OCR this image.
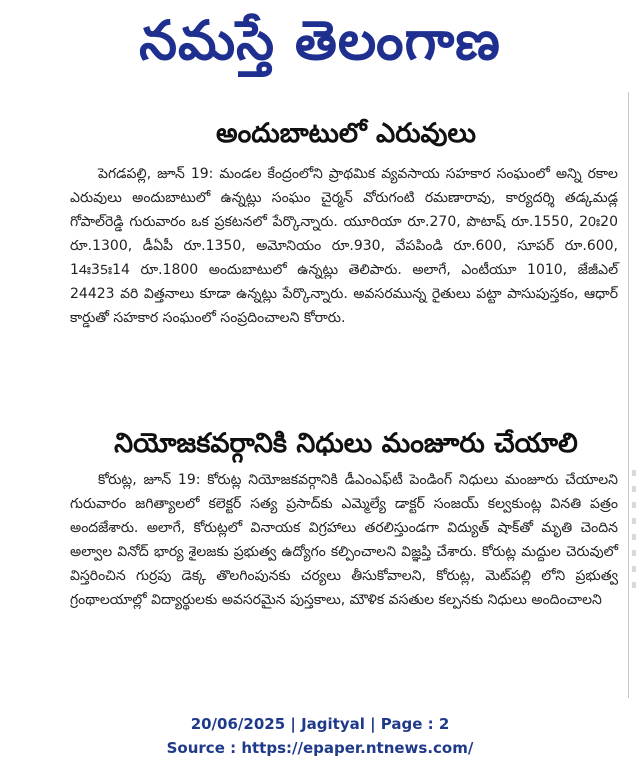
నమస్తే తెలంగాణ
అందుబాటులో ఎరువులు

పెగడపల్లి, జూన్ 19: మండల కేంద్రంలోని ప్రాథమిక వ్యవసాయ సహకార సంఘంలో అన్ని రకాల ఎరువులు అందుబాటులో ఉన్నట్లు సంఘం చైర్మన్ వోరుగంటి రమణారావు, కార్యదర్శి తడ్కమడ్ల గోపాల్‌రెడ్డి గురువారం ఒక ప్రకటనలో పేర్కొన్నారు. యూరియా రూ.270, పొటాష్ రూ.1550, 20ః20 రూ.1300, డీఏపీ రూ.1350, అమోనియం రూ.930, వేపపిండి రూ.600, సూపర్ రూ.600, 14ః35ః14 రూ.1800 అందుబాటులో ఉన్నట్లు తెలిపారు. అలాగే, ఎంటీయూ 1010, జేజీఎల్ 24423 వరి విత్తనాలు కూడా ఉన్నట్లు పేర్కొన్నారు. అవసరమున్న రైతులు పట్టా పాసుపుస్తకం, ఆధార్ కార్డుతో సహకార సంఘంలో సంప్రదించాలని కోరారు.

నియోజకవర్గానికి నిధులు మంజూరు చేయాలి

కోరుట్ల, జూన్ 19: కోరుట్ల నియోజకవర్గానికి డీఎంఎఫ్‌టీ పెండింగ్ నిధులు మంజూరు చేయాలని గురువారం జగిత్యాలలో కలెక్టర్ సత్య ప్రసాద్‌కు ఎమ్మెల్యే డాక్టర్ సంజయ్ కల్వకుంట్ల వినతి పత్రం అందజేశారు. అలాగే, కోరుట్లలో వినాయక విగ్రహాలు తరలిస్తుండగా విద్యుత్ షాక్‌తో మృతి చెందిన అల్వాల వినోద్ భార్య శైలజకు ప్రభుత్వ ఉద్యోగం కల్పించాలని విజ్ఞప్తి చేశారు. కోరుట్ల మద్దుల చెరువులో విస్తరించిన గుర్రపు డెక్క తొలగింపునకు చర్యలు తీసుకోవాలని, కోరుట్ల, మెట్‌పల్లి లోని ప్రభుత్వ గ్రంథాలయాల్లో విద్యార్థులకు అవసరమైన పుస్తకాలు, మౌళిక వసతుల కల్పనకు నిధులు అందించాలని

20/06/2025 | Jagityal | Page : 2
Source : https://epaper.ntnews.com/
